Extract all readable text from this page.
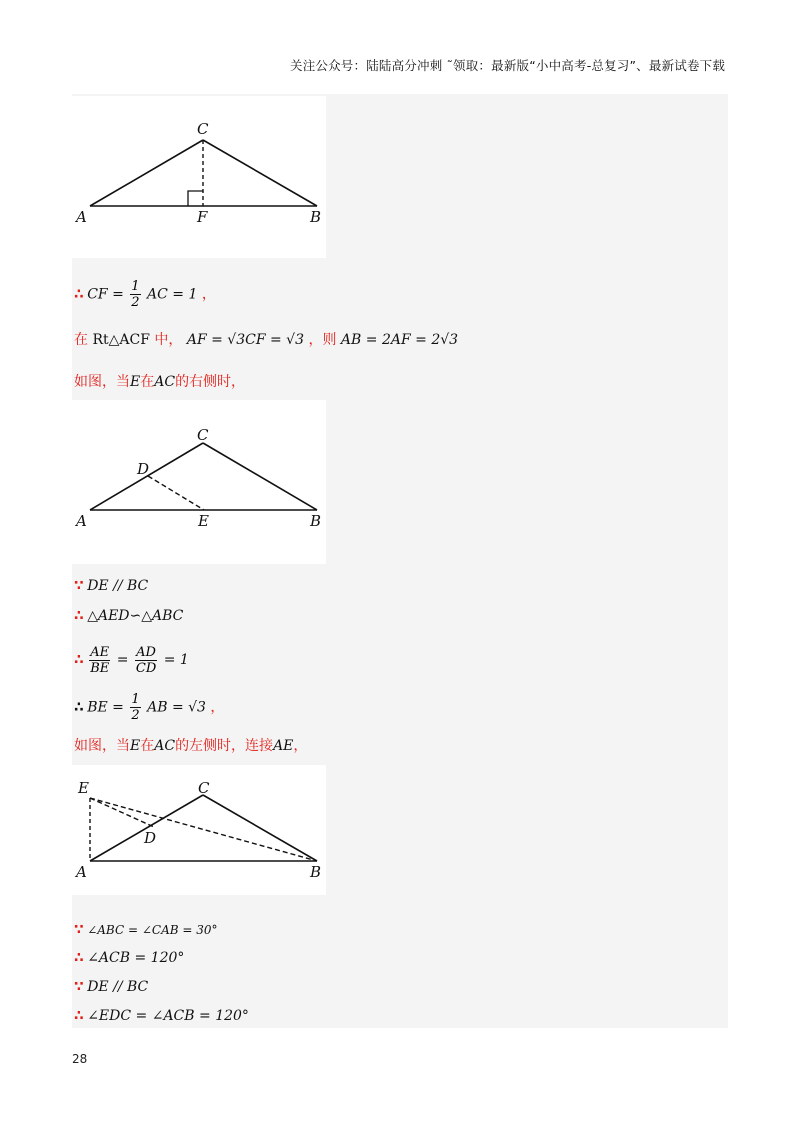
关注公众号：陆陆高分冲刺 ˜领取：最新版“小中高考-总复习”、最新试卷下载
C
A	F	B
∴ CF = $\frac{1}{2}$ AC = 1 ，
在 Rt△ACF 中， AF = √3CF = √3 ，则 AB = 2AF = 2√3
如图，当E在AC的右侧时，
C
D
A	E	B
∵ DE // BC
∴ △AED∽△ABC
∴ $\frac{AE}{BE} = \frac{AD}{CD} = 1$
∴ BE = $\frac{1}{2}$ AB = √3 ，
如图，当E在AC的左侧时，连接AE，
E	C
D
A	B
∵ ∠ABC = ∠CAB = 30°
∴ ∠ACB = 120°
∵ DE // BC
∴ ∠EDC = ∠ACB = 120°
28
